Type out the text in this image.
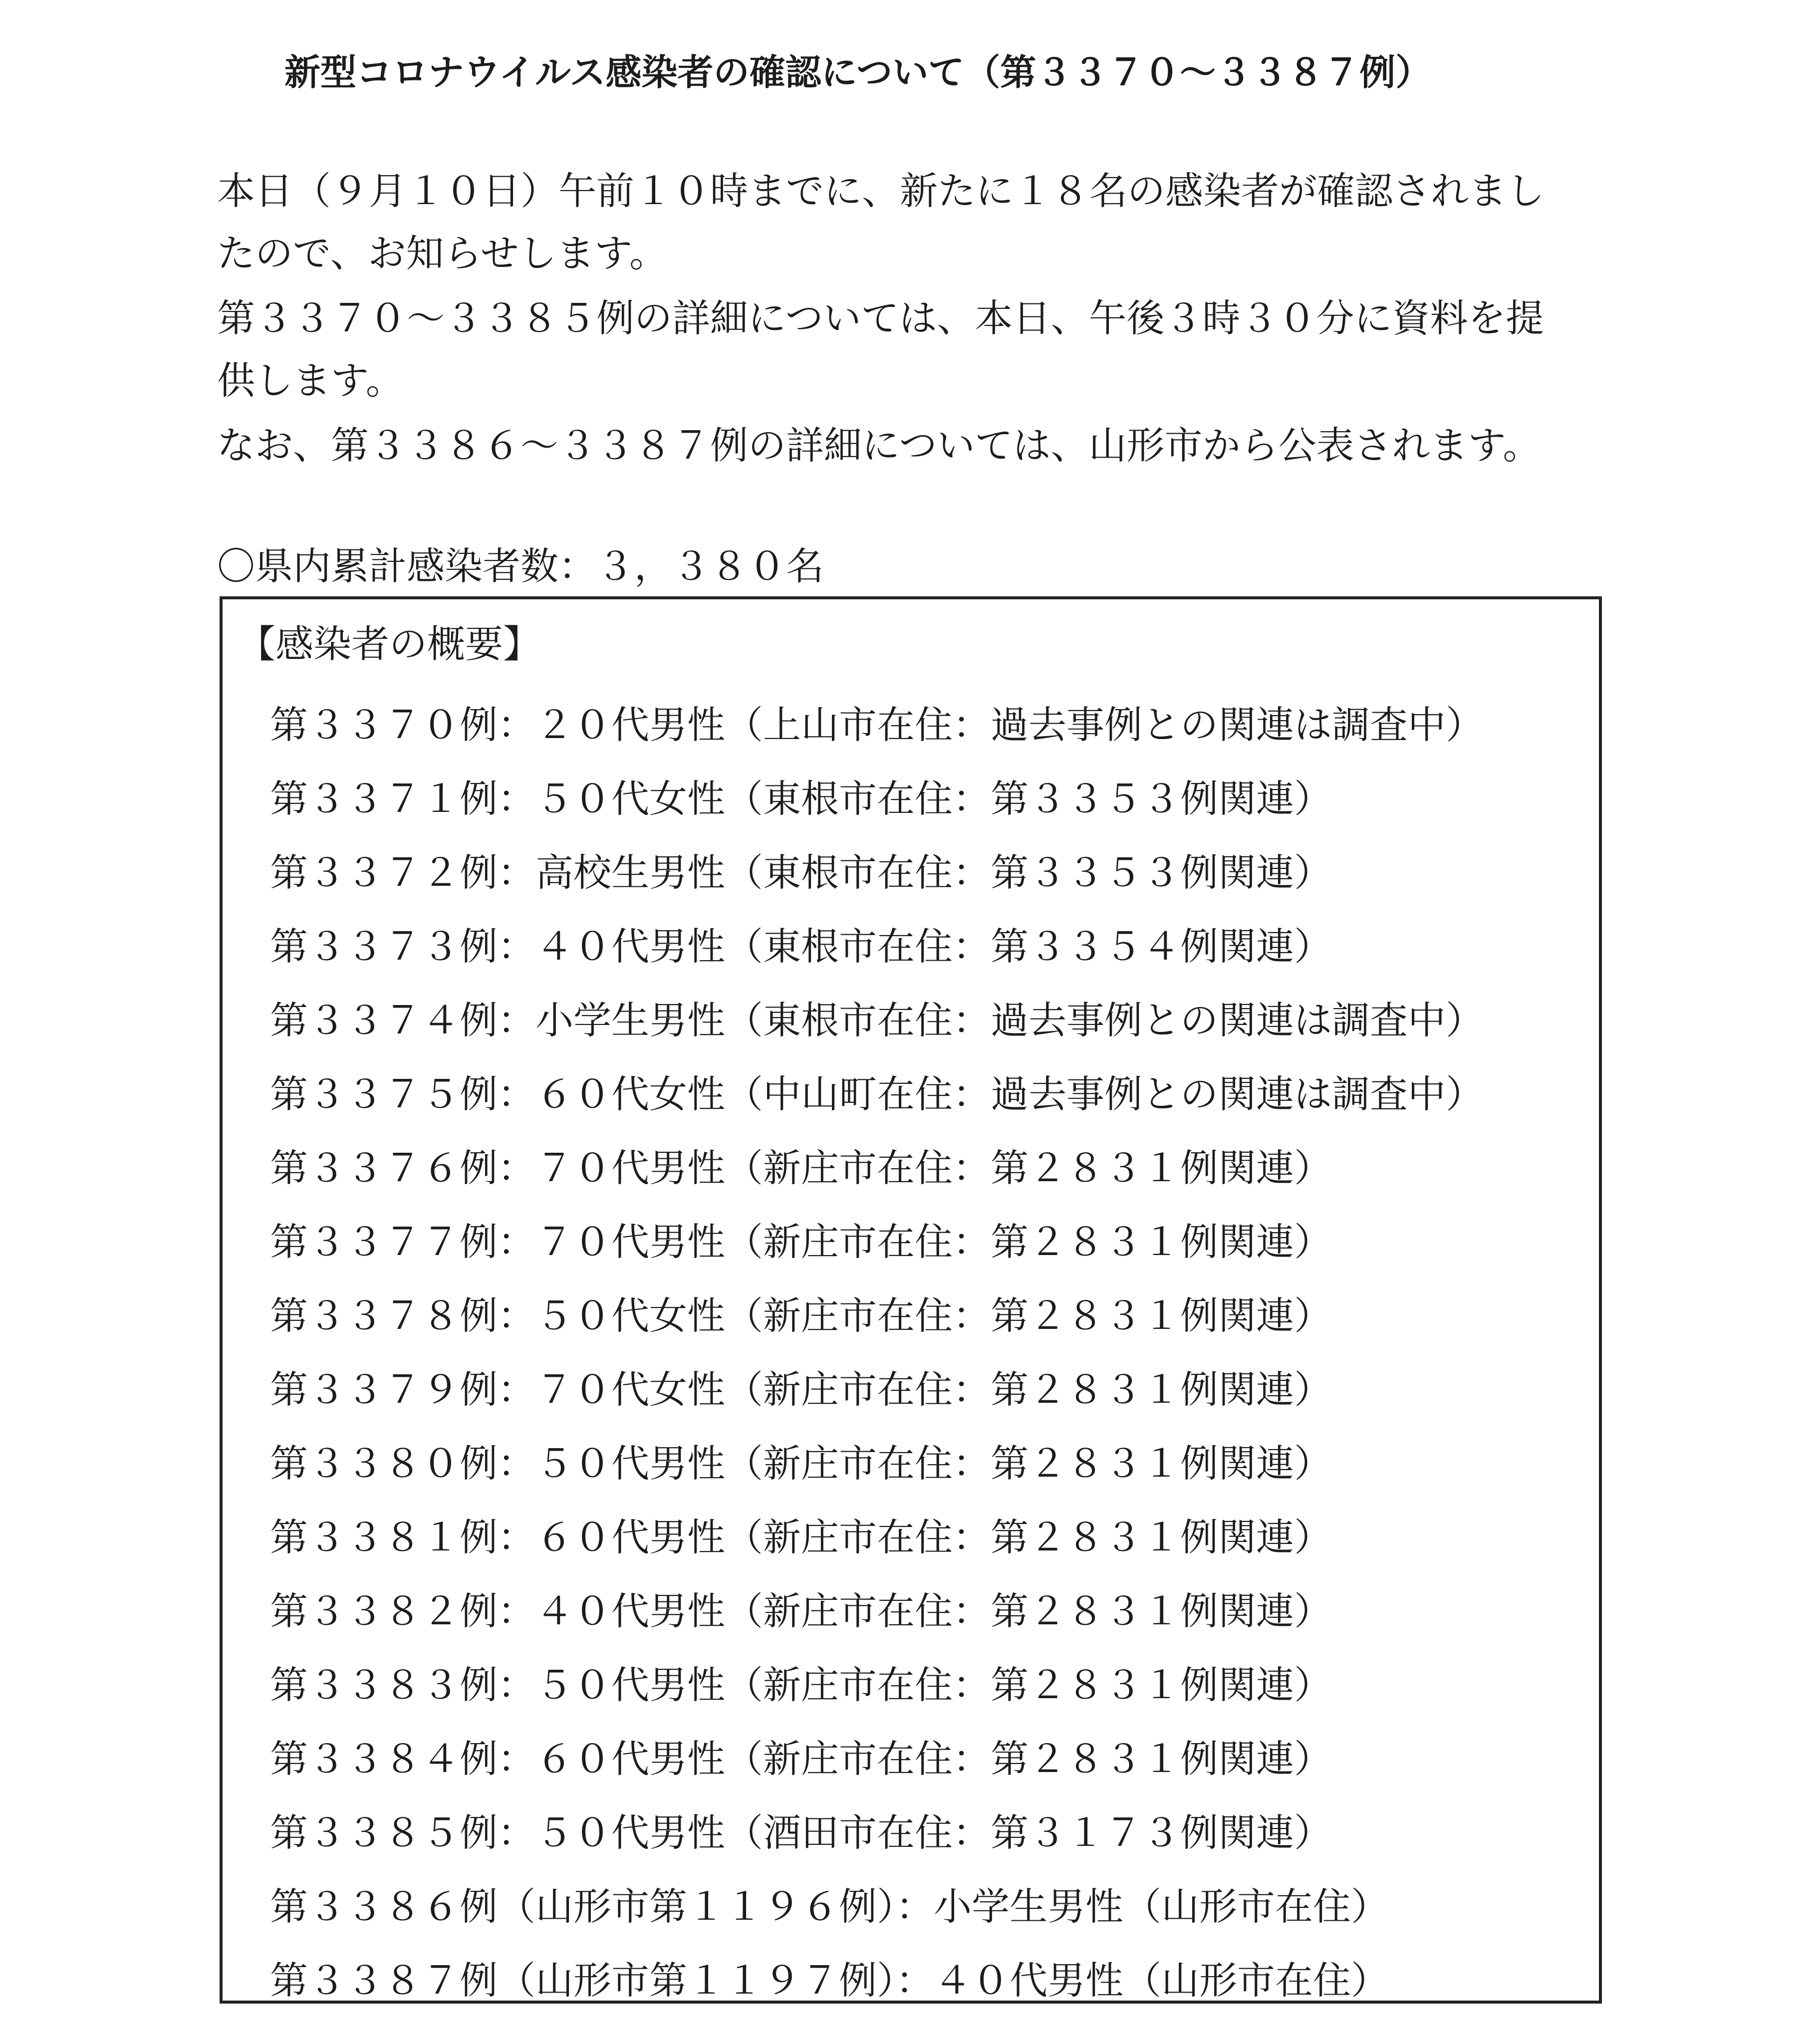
新型コロナウイルス感染者の確認について（第３３７０～３３８７例）
本日（９月１０日）午前１０時までに、新たに１８名の感染者が確認されまし
たので、お知らせします。
第３３７０～３３８５例の詳細については、本日、午後３時３０分に資料を提
供します。
なお、第３３８６～３３８７例の詳細については、山形市から公表されます。
〇県内累計感染者数：３，３８０名
【感染者の概要】
第３３７０例：２０代男性（上山市在住：過去事例との関連は調査中）
第３３７１例：５０代女性（東根市在住：第３３５３例関連）
第３３７２例：高校生男性（東根市在住：第３３５３例関連）
第３３７３例：４０代男性（東根市在住：第３３５４例関連）
第３３７４例：小学生男性（東根市在住：過去事例との関連は調査中）
第３３７５例：６０代女性（中山町在住：過去事例との関連は調査中）
第３３７６例：７０代男性（新庄市在住：第２８３１例関連）
第３３７７例：７０代男性（新庄市在住：第２８３１例関連）
第３３７８例：５０代女性（新庄市在住：第２８３１例関連）
第３３７９例：７０代女性（新庄市在住：第２８３１例関連）
第３３８０例：５０代男性（新庄市在住：第２８３１例関連）
第３３８１例：６０代男性（新庄市在住：第２８３１例関連）
第３３８２例：４０代男性（新庄市在住：第２８３１例関連）
第３３８３例：５０代男性（新庄市在住：第２８３１例関連）
第３３８４例：６０代男性（新庄市在住：第２８３１例関連）
第３３８５例：５０代男性（酒田市在住：第３１７３例関連）
第３３８６例（山形市第１１９６例）：小学生男性（山形市在住）
第３３８７例（山形市第１１９７例）：４０代男性（山形市在住）
